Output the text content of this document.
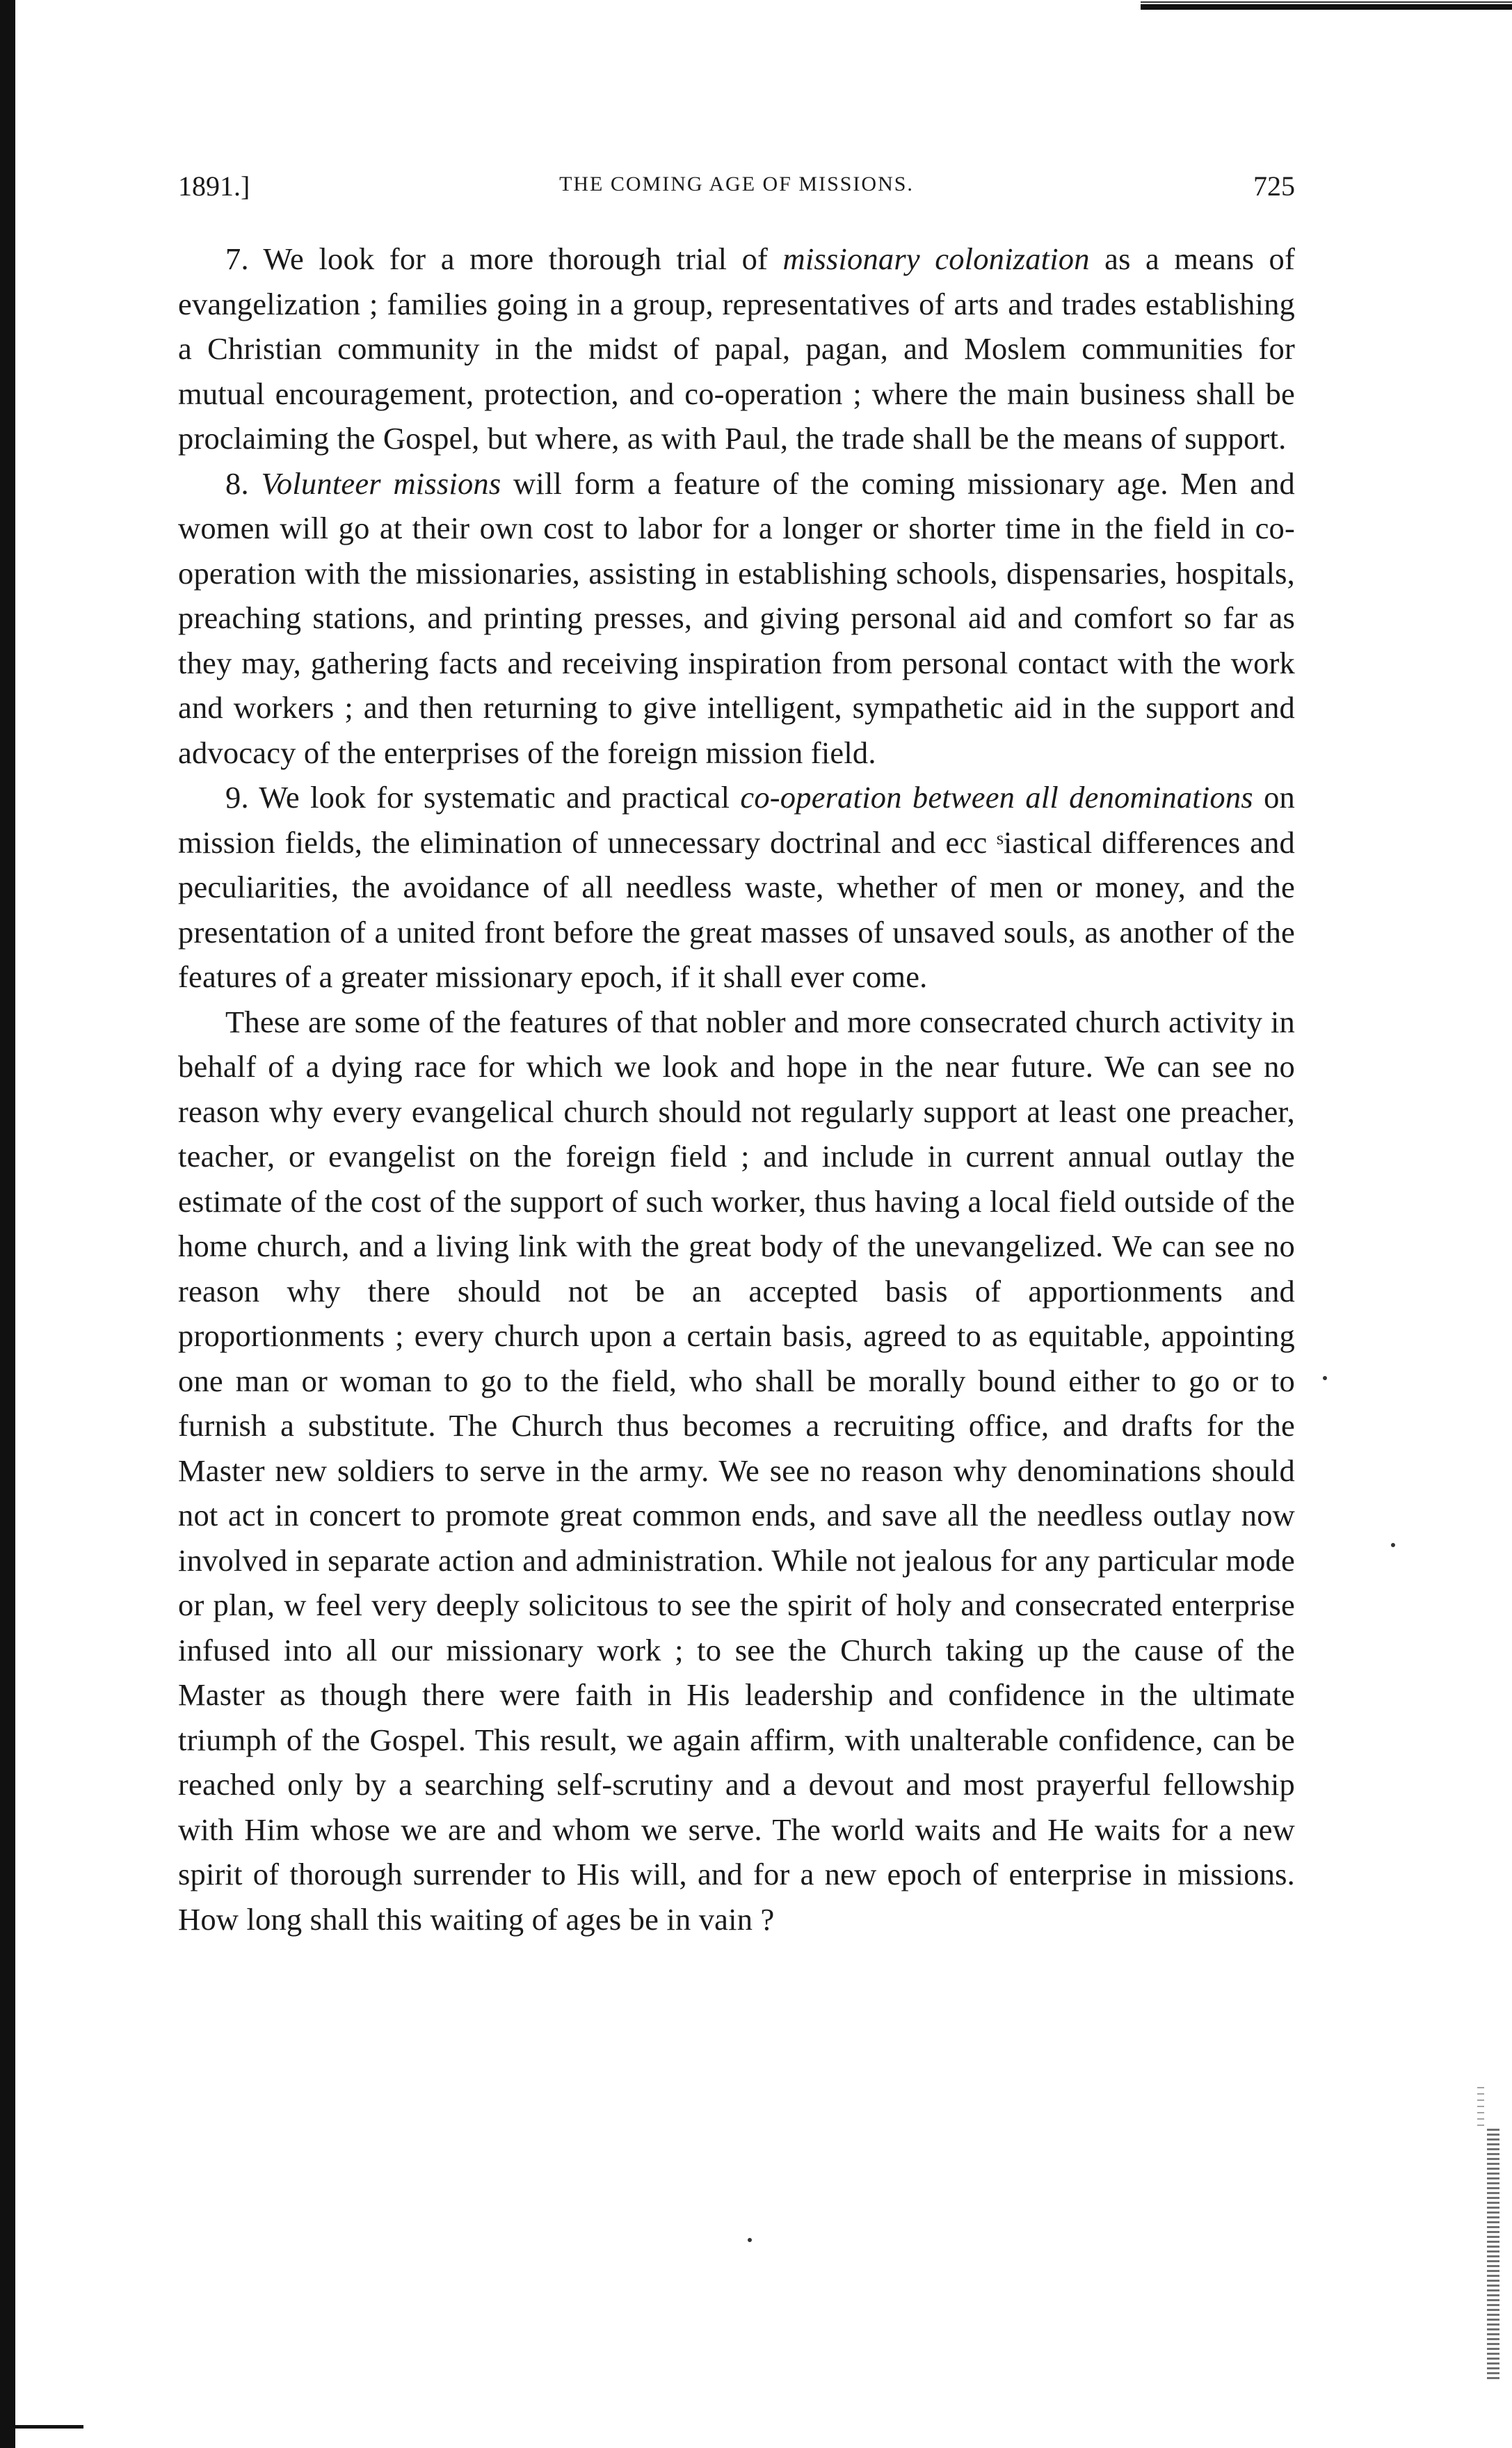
1891.]	THE COMING AGE OF MISSIONS.	725

7. We look for a more thorough trial of missionary colonization as a means of evangelization ; families going in a group, representatives of arts and trades establishing a Christian community in the midst of papal, pagan, and Moslem communities for mutual encouragement, protection, and co-operation ; where the main business shall be proclaiming the Gospel, but where, as with Paul, the trade shall be the means of support.

8. Volunteer missions will form a feature of the coming missionary age. Men and women will go at their own cost to labor for a longer or shorter time in the field in co-operation with the missionaries, assisting in establishing schools, dispensaries, hospitals, preaching stations, and printing presses, and giving personal aid and comfort so far as they may, gathering facts and receiving inspiration from personal contact with the work and workers ; and then returning to give intelligent, sympathetic aid in the support and advocacy of the enterprises of the foreign mission field.

9. We look for systematic and practical co-operation between all denominations on mission fields, the elimination of unnecessary doctrinal and ecc ˢiastical differences and peculiarities, the avoidance of all needless waste, whether of men or money, and the presentation of a united front before the great masses of unsaved souls, as another of the features of a greater missionary epoch, if it shall ever come.

These are some of the features of that nobler and more consecrated church activity in behalf of a dying race for which we look and hope in the near future. We can see no reason why every evangelical church should not regularly support at least one preacher, teacher, or evangelist on the foreign field ; and include in current annual outlay the estimate of the cost of the support of such worker, thus having a local field outside of the home church, and a living link with the great body of the unevangelized. We can see no reason why there should not be an accepted basis of apportionments and proportionments ; every church upon a certain basis, agreed to as equitable, appointing one man or woman to go to the field, who shall be morally bound either to go or to furnish a substitute. The Church thus becomes a recruiting office, and drafts for the Master new soldiers to serve in the army. We see no reason why denominations should not act in concert to promote great common ends, and save all the needless outlay now involved in separate action and administration. While not jealous for any particular mode or plan, w feel very deeply solicitous to see the spirit of holy and consecrated enterprise infused into all our missionary work ; to see the Church taking up the cause of the Master as though there were faith in His leadership and confidence in the ultimate triumph of the Gospel. This result, we again affirm, with unalterable confidence, can be reached only by a searching self-scrutiny and a devout and most prayerful fellowship with Him whose we are and whom we serve. The world waits and He waits for a new spirit of thorough surrender to His will, and for a new epoch of enterprise in missions. How long shall this waiting of ages be in vain ?
